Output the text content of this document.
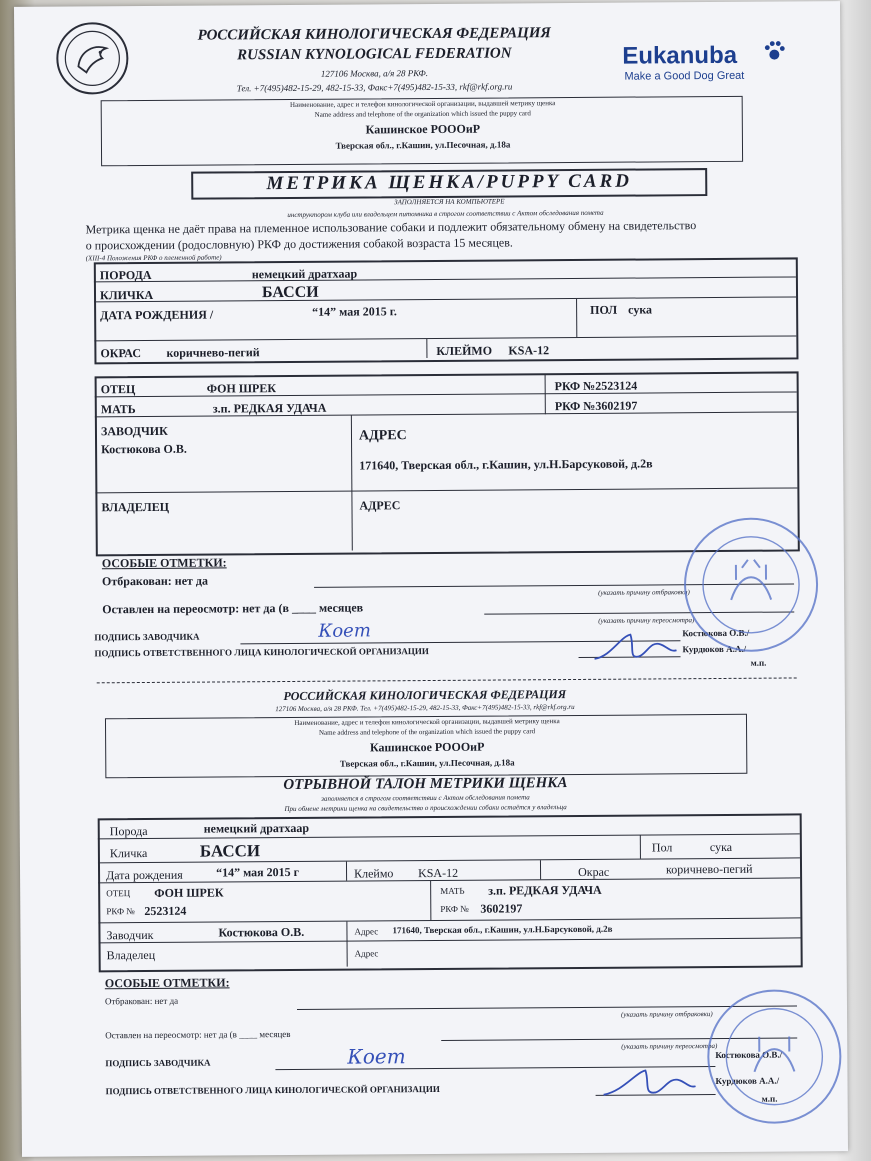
РОССИЙСКАЯ КИНОЛОГИЧЕСКАЯ ФЕДЕРАЦИЯ
RUSSIAN KYNOLOGICAL FEDERATION
127106 Москва, а/я 28 РКФ.
Тел. +7(495)482-15-29, 482-15-33, Факс+7(495)482-15-33, rkf@rkf.org.ru
Eukanuba
Make a Good Dog Great
Наименование, адрес и телефон кинологической организации, выдавшей метрику щенка
Name address and telephone of the organization which issued the puppy card
Кашинское РОООиР
Тверская обл., г.Кашин, ул.Песочная, д.18а
МЕТРИКА ЩЕНКА/PUPPY CARD
ЗАПОЛНЯЕТСЯ НА КОМПЬЮТЕРЕ
инструктором клуба или владельцем питомника в строгом соответствии с Актом обследования помета
Метрика щенка не даёт права на племенное использование собаки и подлежит обязательному обмену на свидетельство
о происхождении (родословную) РКФ до достижения собакой возраста 15 месяцев.
(XIII-4 Положения РКФ о племенной работе)
ПОРОДА	немецкий дратхаар
КЛИЧКА	БАССИ
ДАТА РОЖДЕНИЯ /	“14” мая 2015 г.	ПОЛ сука
ОКРАС коричнево-пегий	КЛЕЙМО KSA-12
ОТЕЦ	ФОН ШРЕК	РКФ №2523124
МАТЬ	з.п. РЕДКАЯ УДАЧА	РКФ №3602197
ЗАВОДЧИК
Костюкова О.В.
АДРЕС
171640, Тверская обл., г.Кашин, ул.Н.Барсуковой, д.2в
ВЛАДЕЛЕЦ	АДРЕС
ОСОБЫЕ ОТМЕТКИ:
Отбракован: нет да
(указать причину отбраковки)
Оставлен на переосмотр: нет да (в ____ месяцев
(указать причину переосмотра)
ПОДПИСЬ ЗАВОДЧИКА	Коет	Костюкова О.В./
ПОДПИСЬ ОТВЕТСТВЕННОГО ЛИЦА КИНОЛОГИЧЕСКОЙ ОРГАНИЗАЦИИ	Курдюков А.А./
м.п.
РОССИЙСКАЯ КИНОЛОГИЧЕСКАЯ ФЕДЕРАЦИЯ
127106 Москва, а/я 28 РКФ. Тел. +7(495)482-15-29, 482-15-33, Факс+7(495)482-15-33, rkf@rkf.org.ru
Наименование, адрес и телефон кинологической организации, выдавшей метрику щенка
Name address and telephone of the organization which issued the puppy card
Кашинское РОООиР
Тверская обл., г.Кашин, ул.Песочная, д.18а
ОТРЫВНОЙ ТАЛОН МЕТРИКИ ЩЕНКА
заполняется в строгом соответствии с Актом обследования помета
При обмене метрики щенка на свидетельство о происхождении собаки остаётся у владельца
Порода	немецкий дратхаар
Кличка	БАССИ	Пол	сука
Дата рождения	“14” мая 2015 г	Клеймо KSA-12	Окрас	коричнево-пегий
ОТЕЦ ФОН ШРЕК
РКФ № 2523124
МАТЬ з.п. РЕДКАЯ УДАЧА
РКФ № 3602197
Заводчик	Костюкова О.В.	Адрес 171640, Тверская обл., г.Кашин, ул.Н.Барсуковой, д.2в
Владелец	Адрес
ОСОБЫЕ ОТМЕТКИ:
Отбракован: нет да
(указать причину отбраковки)
Оставлен на переосмотр: нет да (в ____ месяцев
(указать причину переосмотра)
ПОДПИСЬ ЗАВОДЧИКА	Коет	Костюкова О.В./
ПОДПИСЬ ОТВЕТСТВЕННОГО ЛИЦА КИНОЛОГИЧЕСКОЙ ОРГАНИЗАЦИИ
Курдюков А.А./
м.п.
